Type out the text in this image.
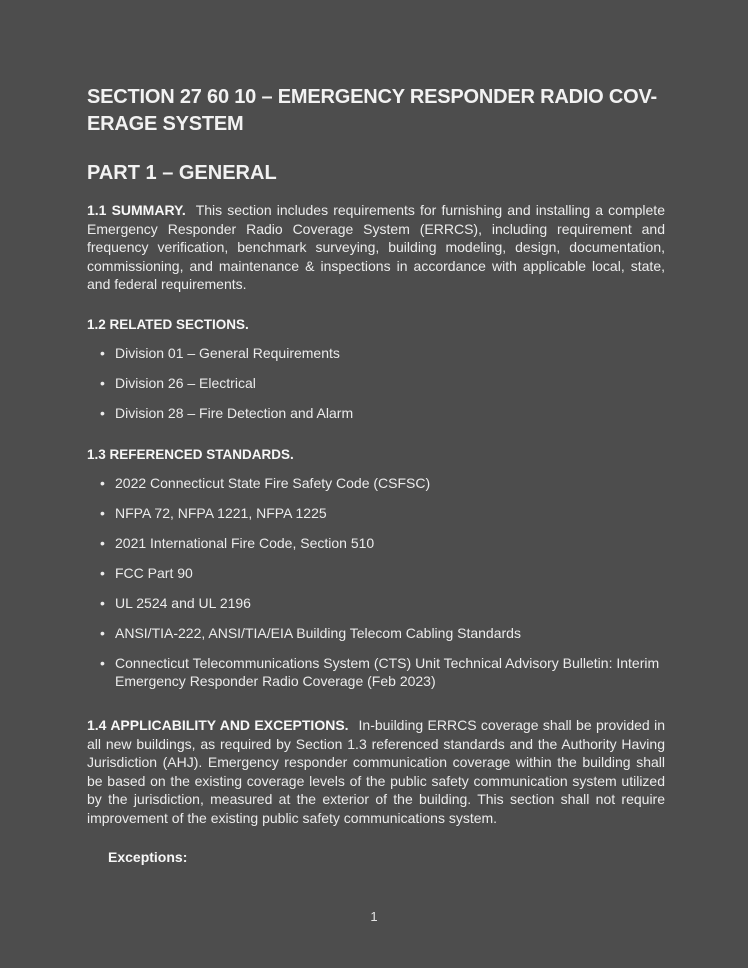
SECTION 27 60 10 – EMERGENCY RESPONDER RADIO COV-
ERAGE SYSTEM
PART 1 – GENERAL

1.1 SUMMARY. This section includes requirements for furnishing and installing a complete Emergency Responder Radio Coverage System (ERRCS), including requirement and frequency verification, benchmark surveying, building modeling, design, documentation, commissioning, and maintenance & inspections in accordance with applicable local, state, and federal requirements.

1.2 RELATED SECTIONS.
• Division 01 – General Requirements
• Division 26 – Electrical
• Division 28 – Fire Detection and Alarm
1.3 REFERENCED STANDARDS.
• 2022 Connecticut State Fire Safety Code (CSFSC)
• NFPA 72, NFPA 1221, NFPA 1225
• 2021 International Fire Code, Section 510
• FCC Part 90
• UL 2524 and UL 2196
• ANSI/TIA-222, ANSI/TIA/EIA Building Telecom Cabling Standards
• Connecticut Telecommunications System (CTS) Unit Technical Advisory Bulletin: Interim Emergency Responder Radio Coverage (Feb 2023)

1.4 APPLICABILITY AND EXCEPTIONS. In-building ERRCS coverage shall be provided in all new buildings, as required by Section 1.3 referenced standards and the Authority Having Jurisdiction (AHJ). Emergency responder communication coverage within the building shall be based on the existing coverage levels of the public safety communication system utilized by the jurisdiction, measured at the exterior of the building. This section shall not require improvement of the existing public safety communications system.

Exceptions:
1
